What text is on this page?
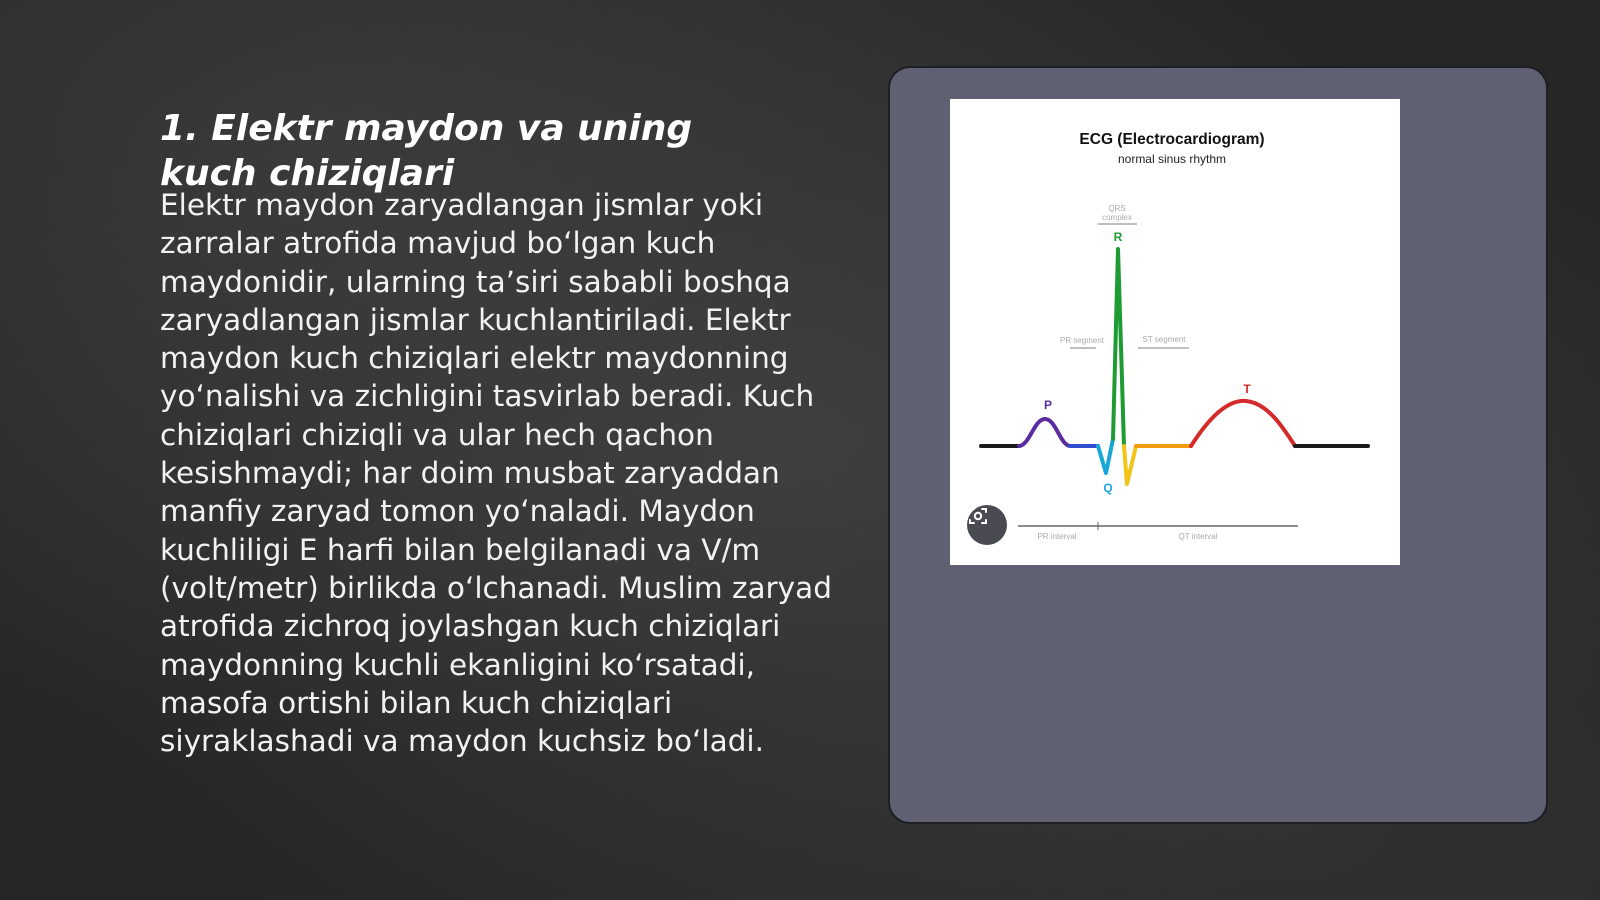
1. Elektr maydon va uning kuch chiziqlari

Elektr maydon zaryadlangan jismlar yoki zarralar atrofida mavjud bo‘lgan kuch maydonidir, ularning ta’siri sababli boshqa zaryadlangan jismlar kuchlantiriladi. Elektr maydon kuch chiziqlari elektr maydonning yo‘nalishi va zichligini tasvirlab beradi. Kuch chiziqlari chiziqli va ular hech qachon kesishmaydi; har doim musbat zaryaddan manfiy zaryad tomon yo‘naladi. Maydon kuchliligi E harfi bilan belgilanadi va V/m (volt/metr) birlikda o‘lchanadi. Muslim zaryad atrofida zichroq joylashgan kuch chiziqlari maydonning kuchli ekanligini ko‘rsatadi, masofa ortishi bilan kuch chiziqlari siyraklashadi va maydon kuchsiz bo‘ladi.

QRS
complex
PR segment	ST segment
P
R
Q
T
PR interval	QT interval
ECG (Electrocardiogram)
normal sinus rhythm
